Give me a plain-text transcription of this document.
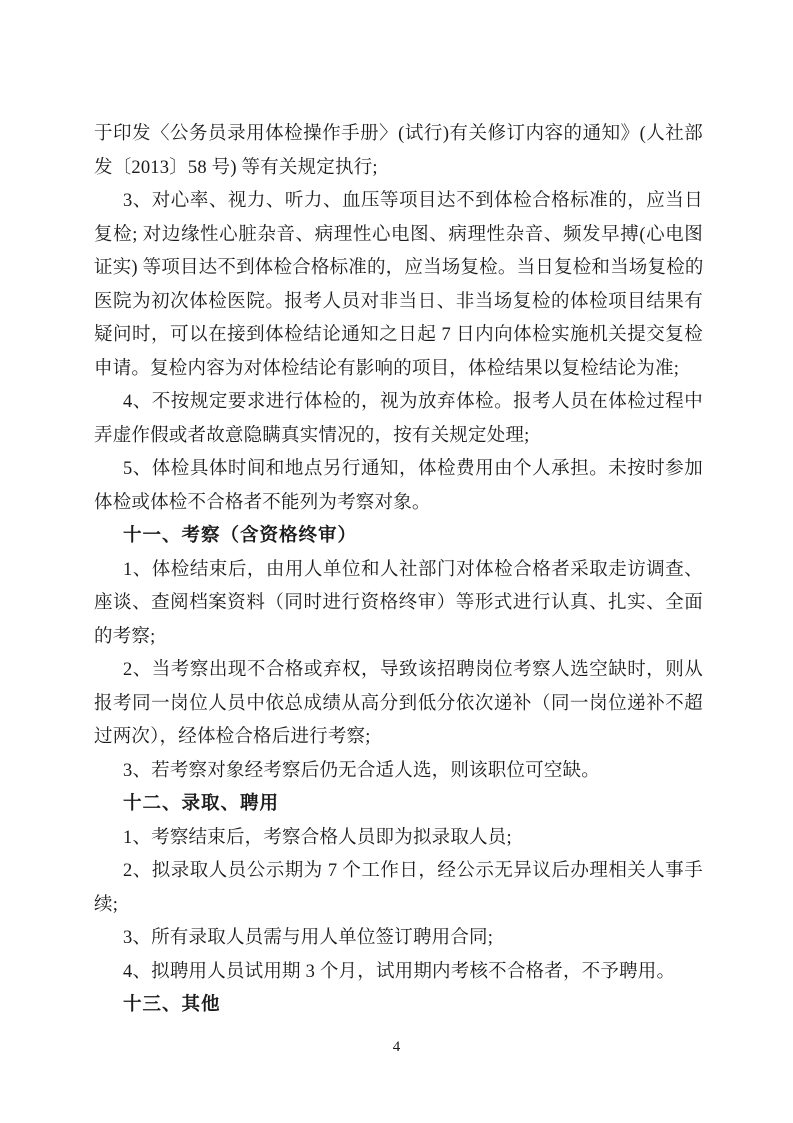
于印发〈公务员录用体检操作手册〉(试行)有关修订内容的通知》(人社部
发〔2013〕58 号) 等有关规定执行;
3、对心率、视力、听力、血压等项目达不到体检合格标准的，应当日
复检; 对边缘性心脏杂音、病理性心电图、病理性杂音、频发早搏(心电图
证实) 等项目达不到体检合格标准的，应当场复检。当日复检和当场复检的
医院为初次体检医院。报考人员对非当日、非当场复检的体检项目结果有
疑问时，可以在接到体检结论通知之日起 7 日内向体检实施机关提交复检
申请。复检内容为对体检结论有影响的项目，体检结果以复检结论为准;
4、不按规定要求进行体检的，视为放弃体检。报考人员在体检过程中
弄虚作假或者故意隐瞒真实情况的，按有关规定处理;
5、体检具体时间和地点另行通知，体检费用由个人承担。未按时参加
体检或体检不合格者不能列为考察对象。
十一、考察（含资格终审）
1、体检结束后，由用人单位和人社部门对体检合格者采取走访调查、
座谈、查阅档案资料（同时进行资格终审）等形式进行认真、扎实、全面
的考察;
2、当考察出现不合格或弃权，导致该招聘岗位考察人选空缺时，则从
报考同一岗位人员中依总成绩从高分到低分依次递补（同一岗位递补不超
过两次），经体检合格后进行考察;
3、若考察对象经考察后仍无合适人选，则该职位可空缺。
十二、录取、聘用
1、考察结束后，考察合格人员即为拟录取人员;
2、拟录取人员公示期为 7 个工作日，经公示无异议后办理相关人事手
续;
3、所有录取人员需与用人单位签订聘用合同;
4、拟聘用人员试用期 3 个月，试用期内考核不合格者，不予聘用。
十三、其他
4
